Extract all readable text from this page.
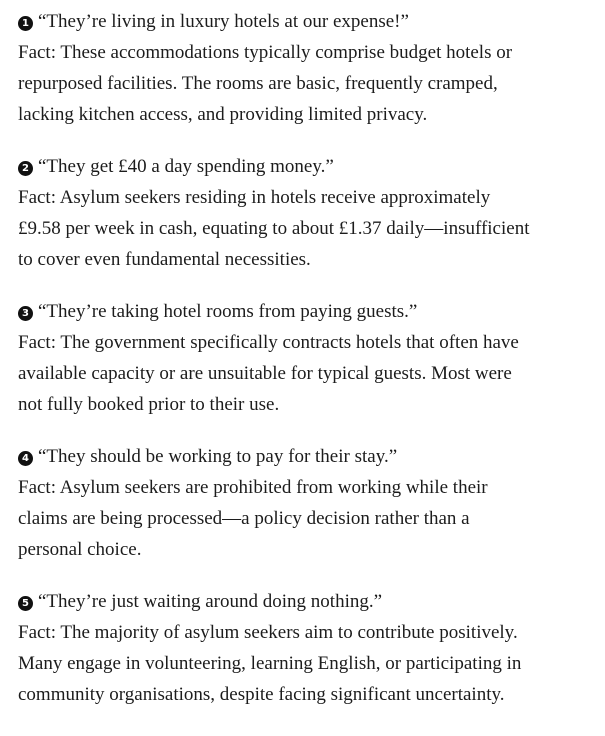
1 “They’re living in luxury hotels at our expense!”
Fact: These accommodations typically comprise budget hotels or
repurposed facilities. The rooms are basic, frequently cramped,
lacking kitchen access, and providing limited privacy.
2 “They get £40 a day spending money.”
Fact: Asylum seekers residing in hotels receive approximately
£9.58 per week in cash, equating to about £1.37 daily—insufficient
to cover even fundamental necessities.
3 “They’re taking hotel rooms from paying guests.”
Fact: The government specifically contracts hotels that often have
available capacity or are unsuitable for typical guests. Most were
not fully booked prior to their use.
4 “They should be working to pay for their stay.”
Fact: Asylum seekers are prohibited from working while their
claims are being processed—a policy decision rather than a
personal choice.
5 “They’re just waiting around doing nothing.”
Fact: The majority of asylum seekers aim to contribute positively.
Many engage in volunteering, learning English, or participating in
community organisations, despite facing significant uncertainty.
